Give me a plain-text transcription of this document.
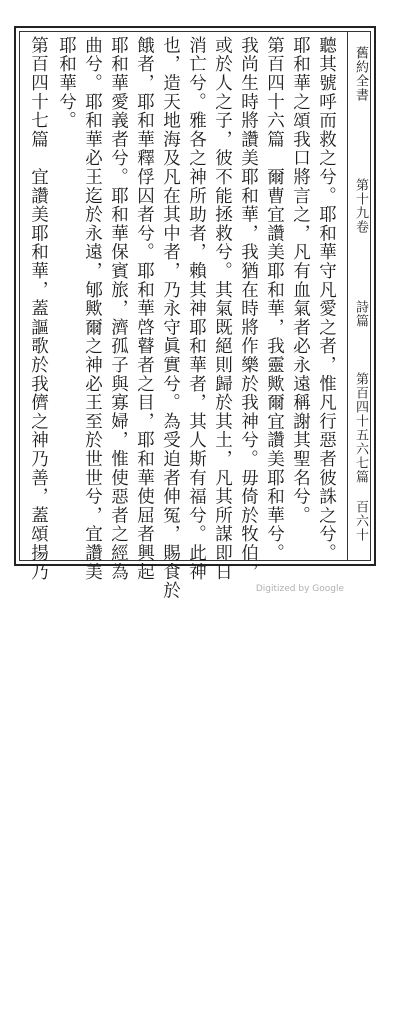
舊約全書
第十九卷
詩篇
第百四十五六七篇
百六十
聽其號呼而救之兮。耶和華守凡愛之者，惟凡行惡者彼誅之兮。
耶和華之頌我口將言之，凡有血氣者必永遠稱謝其聖名兮。
第百四十六篇　爾曹宜讚美耶和華，我靈歟爾宜讚美耶和華兮。
我尚生時將讚美耶和華，我猶在時將作樂於我神兮。毋倚於牧伯，
或於人之子，彼不能拯救兮。其氣既絕則歸於其土，凡其所謀即日
消亡兮。雅各之神所助者，賴其神耶和華者，其人斯有福兮。此神
也，造天地海及凡在其中者，乃永守眞實兮。為受迫者伸冤，賜食於
餓者，耶和華釋俘囚者兮。耶和華啓瞽者之目，耶和華使屈者興起
耶和華愛義者兮。耶和華保賓旅，濟孤子與寡婦，惟使惡者之經為
曲兮。耶和華必王迄於永遠，郇歟爾之神必王至於世世兮，宜讚美
耶和華兮。
第百四十七篇　宜讚美耶和華，蓋謳歌於我儕之神乃善，蓋頌揚乃
Digitized by Google
